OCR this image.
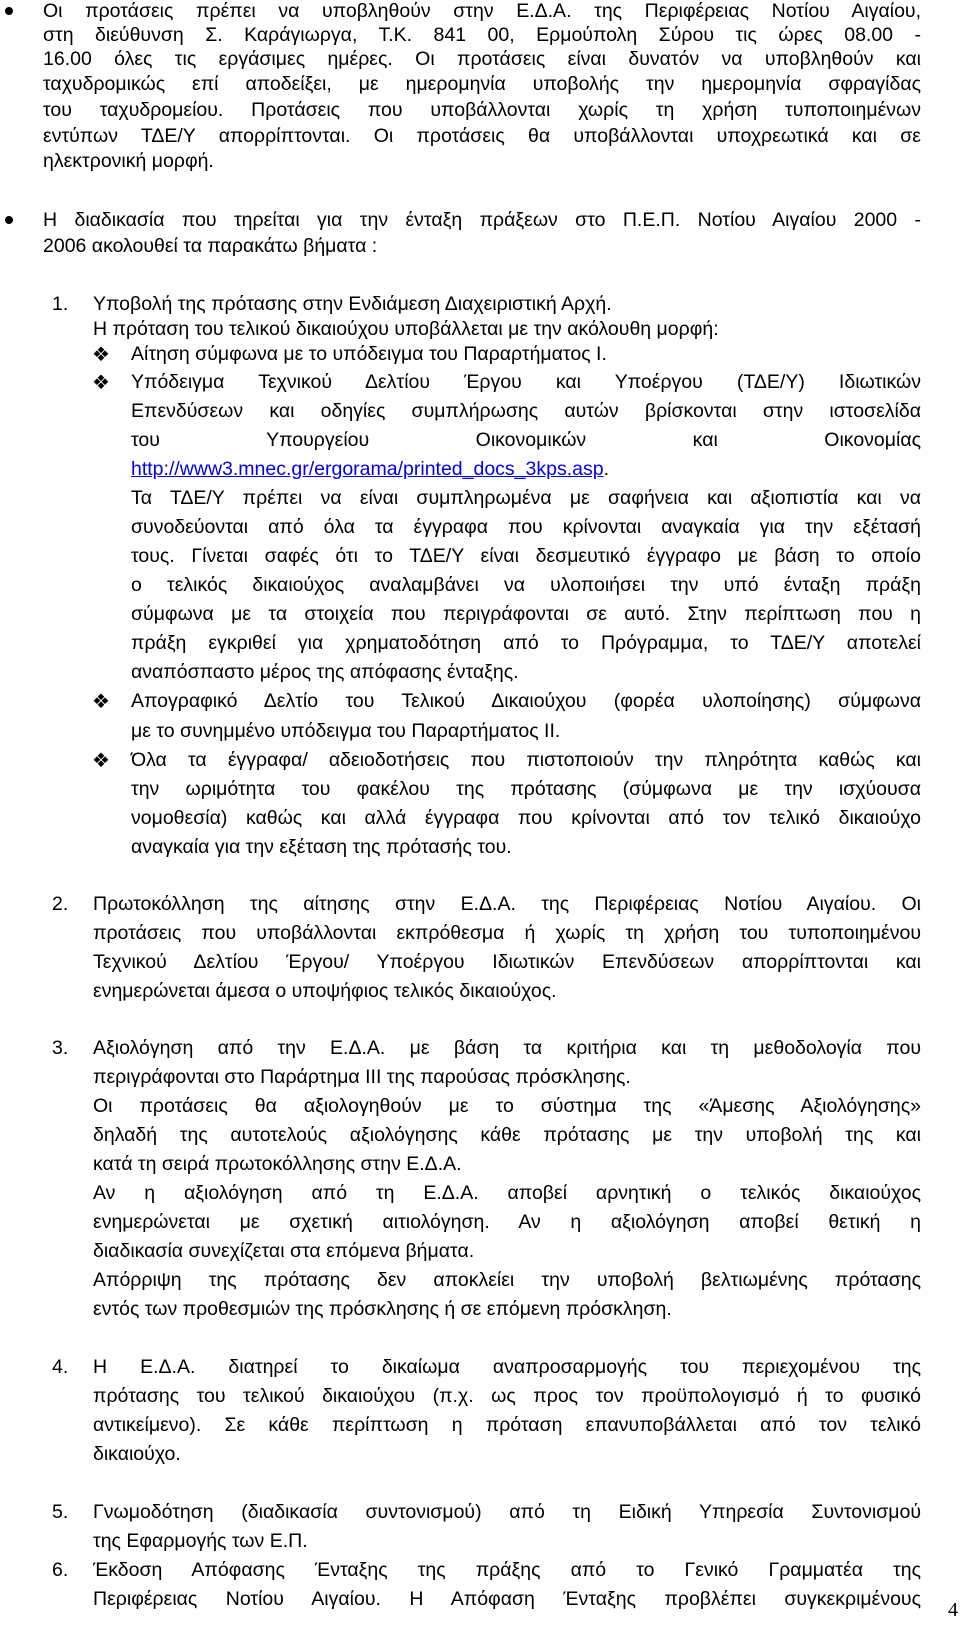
Οι προτάσεις πρέπει να υποβληθούν στην Ε.Δ.Α. της Περιφέρειας Νοτίου Αιγαίου,
στη διεύθυνση Σ. Καράγιωργα, Τ.Κ. 841 00, Ερμούπολη Σύρου τις ώρες 08.00 -
16.00 όλες τις εργάσιμες ημέρες. Οι προτάσεις είναι δυνατόν να υποβληθούν και
ταχυδρομικώς επί αποδείξει, με ημερομηνία υποβολής την ημερομηνία σφραγίδας
του ταχυδρομείου. Προτάσεις που υποβάλλονται χωρίς τη χρήση τυποποιημένων
εντύπων ΤΔΕ/Υ απορρίπτονται. Οι προτάσεις θα υποβάλλονται υποχρεωτικά και σε
ηλεκτρονική μορφή.
Η διαδικασία που τηρείται για την ένταξη πράξεων στο Π.Ε.Π. Νοτίου Αιγαίου 2000 -
2006 ακολουθεί τα παρακάτω βήματα :
1. Υποβολή της πρότασης στην Ενδιάμεση Διαχειριστική Αρχή.
Η πρόταση του τελικού δικαιούχου υποβάλλεται με την ακόλουθη μορφή:
❖ Αίτηση σύμφωνα με το υπόδειγμα του Παραρτήματος Ι.
❖ Υπόδειγμα Τεχνικού Δελτίου Έργου και Υποέργου (ΤΔΕ/Υ) Ιδιωτικών
Επενδύσεων και οδηγίες συμπλήρωσης αυτών βρίσκονται στην ιστοσελίδα
του Υπουργείου Οικονομικών και Οικονομίας
http://www3.mnec.gr/ergorama/printed_docs_3kps.asp.
Τα ΤΔΕ/Υ πρέπει να είναι συμπληρωμένα με σαφήνεια και αξιοπιστία και να
συνοδεύονται από όλα τα έγγραφα που κρίνονται αναγκαία για την εξέτασή
τους. Γίνεται σαφές ότι το ΤΔΕ/Υ είναι δεσμευτικό έγγραφο με βάση το οποίο
ο τελικός δικαιούχος αναλαμβάνει να υλοποιήσει την υπό ένταξη πράξη
σύμφωνα με τα στοιχεία που περιγράφονται σε αυτό. Στην περίπτωση που η
πράξη εγκριθεί για χρηματοδότηση από το Πρόγραμμα, το ΤΔΕ/Υ αποτελεί
αναπόσπαστο μέρος της απόφασης ένταξης.
❖ Απογραφικό Δελτίο του Τελικού Δικαιούχου (φορέα υλοποίησης) σύμφωνα
με το συνημμένο υπόδειγμα του Παραρτήματος ΙΙ.
❖ Όλα τα έγγραφα/ αδειοδοτήσεις που πιστοποιούν την πληρότητα καθώς και
την ωριμότητα του φακέλου της πρότασης (σύμφωνα με την ισχύουσα
νομοθεσία) καθώς και αλλά έγγραφα που κρίνονται από τον τελικό δικαιούχο
αναγκαία για την εξέταση της πρότασής του.
2. Πρωτοκόλληση της αίτησης στην Ε.Δ.Α. της Περιφέρειας Νοτίου Αιγαίου. Οι
προτάσεις που υποβάλλονται εκπρόθεσμα ή χωρίς τη χρήση του τυποποιημένου
Τεχνικού Δελτίου Έργου/ Υποέργου Ιδιωτικών Επενδύσεων απορρίπτονται και
ενημερώνεται άμεσα ο υποψήφιος τελικός δικαιούχος.
3. Αξιολόγηση από την Ε.Δ.Α. με βάση τα κριτήρια και τη μεθοδολογία που
περιγράφονται στο Παράρτημα ΙΙΙ της παρούσας πρόσκλησης.
Οι προτάσεις θα αξιολογηθούν με το σύστημα της «Άμεσης Αξιολόγησης»
δηλαδή της αυτοτελούς αξιολόγησης κάθε πρότασης με την υποβολή της και
κατά τη σειρά πρωτοκόλλησης στην Ε.Δ.Α.
Αν η αξιολόγηση από τη Ε.Δ.Α. αποβεί αρνητική ο τελικός δικαιούχος
ενημερώνεται με σχετική αιτιολόγηση. Αν η αξιολόγηση αποβεί θετική η
διαδικασία συνεχίζεται στα επόμενα βήματα.
Απόρριψη της πρότασης δεν αποκλείει την υποβολή βελτιωμένης πρότασης
εντός των προθεσμιών της πρόσκλησης ή σε επόμενη πρόσκληση.
4. Η Ε.Δ.Α. διατηρεί το δικαίωμα αναπροσαρμογής του περιεχομένου της
πρότασης του τελικού δικαιούχου (π.χ. ως προς τον προϋπολογισμό ή το φυσικό
αντικείμενο). Σε κάθε περίπτωση η πρόταση επανυποβάλλεται από τον τελικό
δικαιούχο.
5. Γνωμοδότηση (διαδικασία συντονισμού) από τη Ειδική Υπηρεσία Συντονισμού
της Εφαρμογής των Ε.Π.
6. Έκδοση Απόφασης Ένταξης της πράξης από το Γενικό Γραμματέα της
Περιφέρειας Νοτίου Αιγαίου. Η Απόφαση Ένταξης προβλέπει συγκεκριμένους 4
